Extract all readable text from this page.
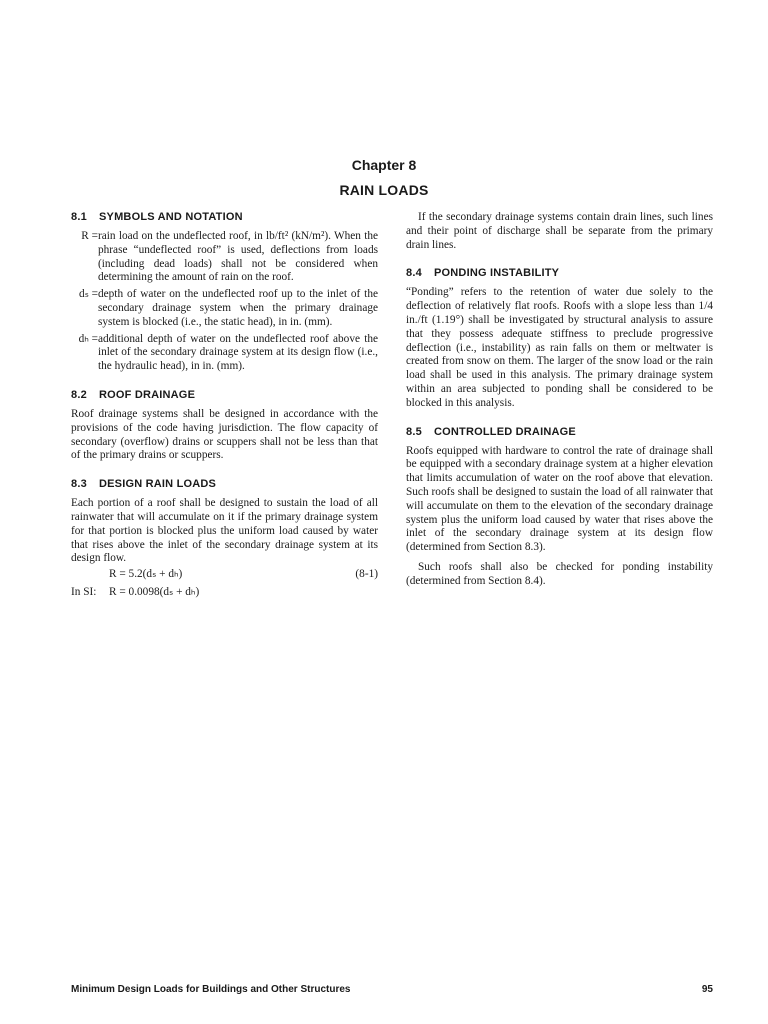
Chapter 8
RAIN LOADS
8.1 SYMBOLS AND NOTATION
R = rain load on the undeflected roof, in lb/ft² (kN/m²). When the phrase “undeflected roof” is used, deflections from loads (including dead loads) shall not be considered when determining the amount of rain on the roof.
dₛ = depth of water on the undeflected roof up to the inlet of the secondary drainage system when the primary drainage system is blocked (i.e., the static head), in in. (mm).
dₕ = additional depth of water on the undeflected roof above the inlet of the secondary drainage system at its design flow (i.e., the hydraulic head), in in. (mm).
8.2 ROOF DRAINAGE

Roof drainage systems shall be designed in accordance with the provisions of the code having jurisdiction. The flow capacity of secondary (overflow) drains or scuppers shall not be less than that of the primary drains or scuppers.

8.3 DESIGN RAIN LOADS

Each portion of a roof shall be designed to sustain the load of all rainwater that will accumulate on it if the primary drainage system for that portion is blocked plus the uniform load caused by water that rises above the inlet of the secondary drainage system at its design flow.

R = 5.2(dₛ + dₕ)	(8-1)
In SI:	R = 0.0098(dₛ + dₕ)

If the secondary drainage systems contain drain lines, such lines and their point of discharge shall be separate from the primary drain lines.

8.4 PONDING INSTABILITY

“Ponding” refers to the retention of water due solely to the deflection of relatively flat roofs. Roofs with a slope less than 1/4 in./ft (1.19°) shall be investigated by structural analysis to assure that they possess adequate stiffness to preclude progressive deflection (i.e., instability) as rain falls on them or meltwater is created from snow on them. The larger of the snow load or the rain load shall be used in this analysis. The primary drainage system within an area subjected to ponding shall be considered to be blocked in this analysis.

8.5 CONTROLLED DRAINAGE

Roofs equipped with hardware to control the rate of drainage shall be equipped with a secondary drainage system at a higher elevation that limits accumulation of water on the roof above that elevation. Such roofs shall be designed to sustain the load of all rainwater that will accumulate on them to the elevation of the secondary drainage system plus the uniform load caused by water that rises above the inlet of the secondary drainage system at its design flow (determined from Section 8.3).

Such roofs shall also be checked for ponding instability (determined from Section 8.4).

Minimum Design Loads for Buildings and Other Structures	95
